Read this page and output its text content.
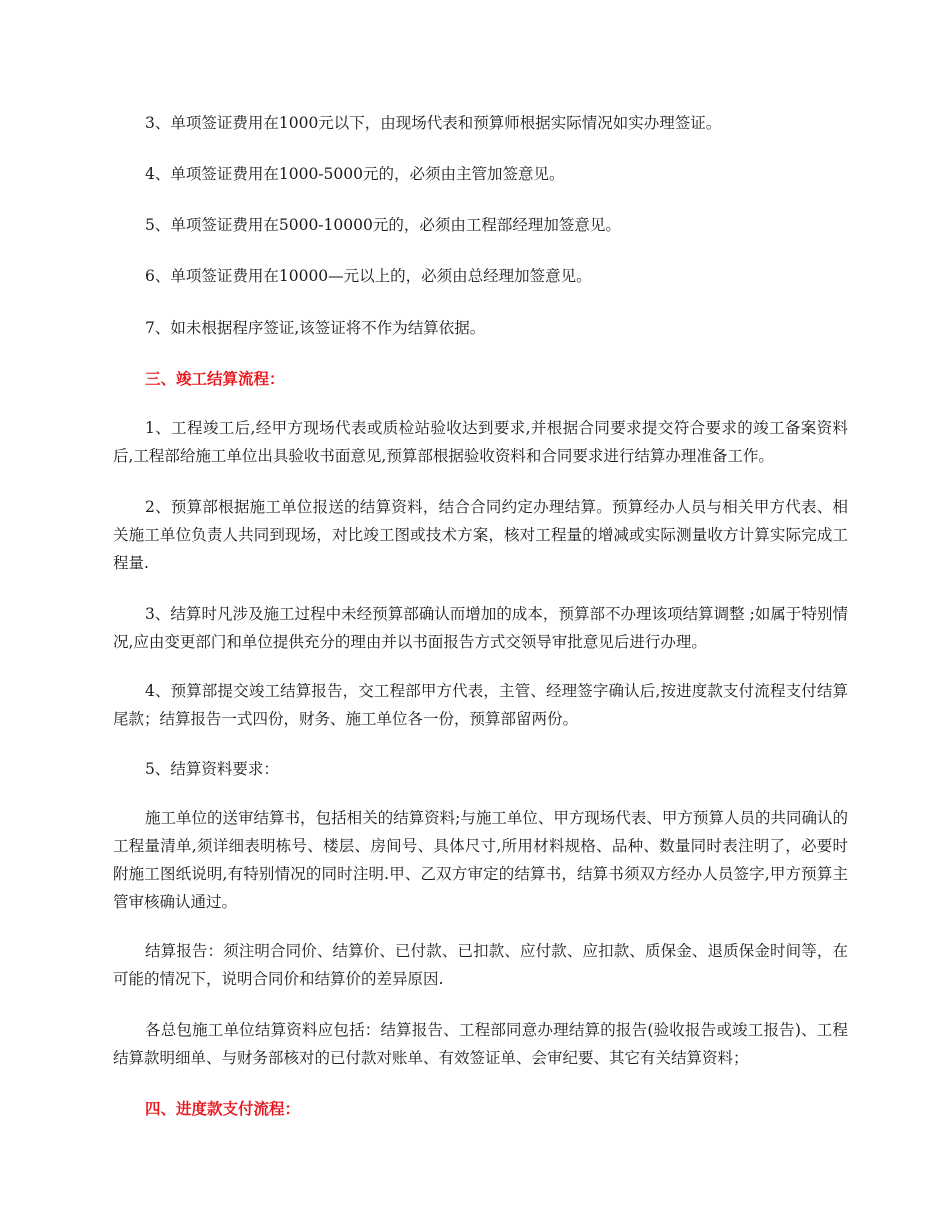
3、单项签证费用在1000元以下，由现场代表和预算师根据实际情况如实办理签证。
4、单项签证费用在1000-5000元的，必须由主管加签意见。
5、单项签证费用在5000-10000元的，必须由工程部经理加签意见。
6、单项签证费用在10000—元以上的，必须由总经理加签意见。
7、如未根据程序签证,该签证将不作为结算依据。
三、竣工结算流程：
1、工程竣工后,经甲方现场代表或质检站验收达到要求,并根据合同要求提交符合要求的竣工备案资料后,工程部给施工单位出具验收书面意见,预算部根据验收资料和合同要求进行结算办理准备工作。
2、预算部根据施工单位报送的结算资料，结合合同约定办理结算。预算经办人员与相关甲方代表、相关施工单位负责人共同到现场，对比竣工图或技术方案，核对工程量的增减或实际测量收方计算实际完成工程量.
3、结算时凡涉及施工过程中未经预算部确认而增加的成本，预算部不办理该项结算调整 ;如属于特别情况,应由变更部门和单位提供充分的理由并以书面报告方式交领导审批意见后进行办理。
4、预算部提交竣工结算报告，交工程部甲方代表，主管、经理签字确认后,按进度款支付流程支付结算尾款；结算报告一式四份，财务、施工单位各一份，预算部留两份。
5、结算资料要求：
施工单位的送审结算书，包括相关的结算资料;与施工单位、甲方现场代表、甲方预算人员的共同确认的工程量清单,须详细表明栋号、楼层、房间号、具体尺寸,所用材料规格、品种、数量同时表注明了，必要时附施工图纸说明,有特别情况的同时注明.甲、乙双方审定的结算书，结算书须双方经办人员签字,甲方预算主管审核确认通过。
结算报告：须注明合同价、结算价、已付款、已扣款、应付款、应扣款、质保金、退质保金时间等，在可能的情况下，说明合同价和结算价的差异原因.
各总包施工单位结算资料应包括：结算报告、工程部同意办理结算的报告(验收报告或竣工报告)、工程结算款明细单、与财务部核对的已付款对账单、有效签证单、会审纪要、其它有关结算资料；
四、进度款支付流程：
